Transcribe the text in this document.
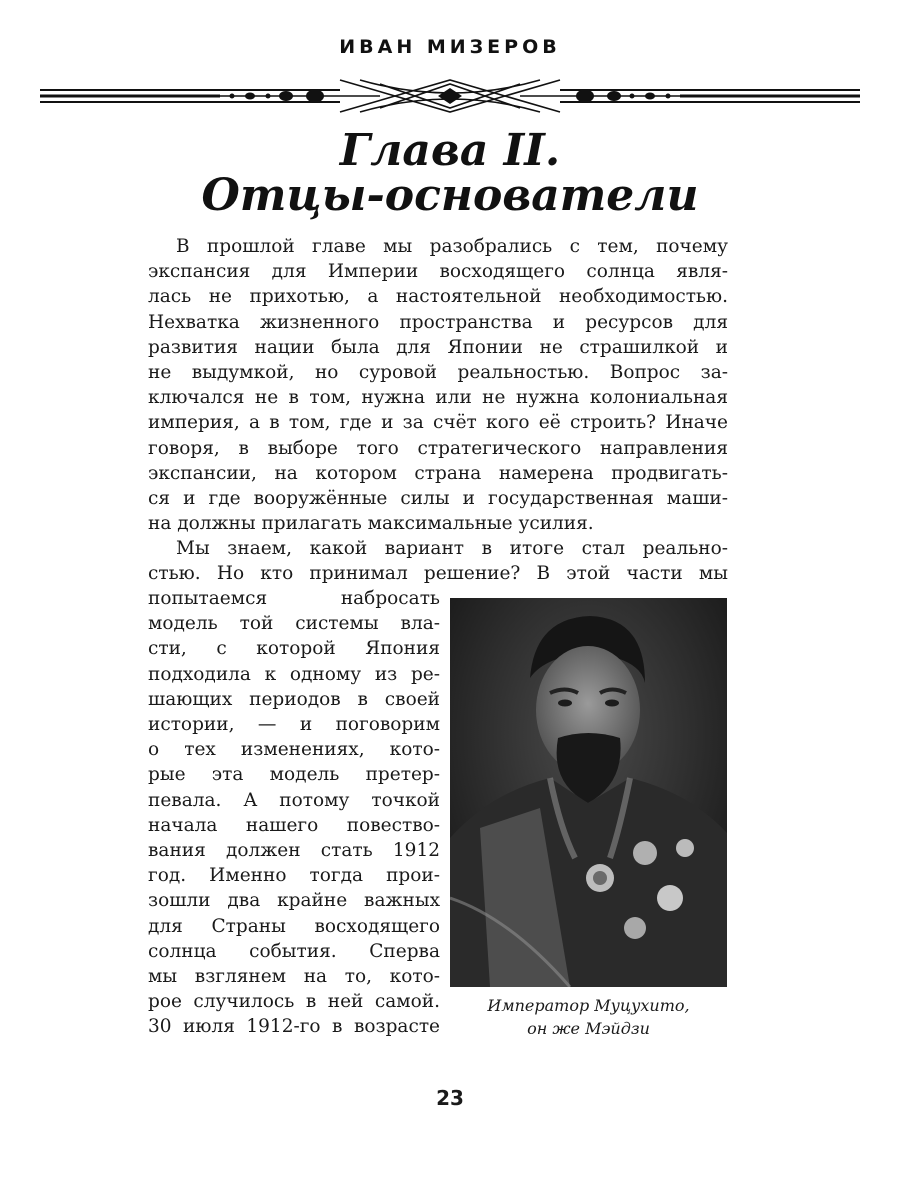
ИВАН МИЗЕРОВ
Глава II.
Отцы-основатели
В прошлой главе мы разобрались с тем, почему
экспансия для Империи восходящего солнца явля-
лась не прихотью, а настоятельной необходимостью.
Нехватка жизненного пространства и ресурсов для
развития нации была для Японии не страшилкой и
не выдумкой, но суровой реальностью. Вопрос за-
ключался не в том, нужна или не нужна колониальная
империя, а в том, где и за счёт кого её строить? Иначе
говоря, в выборе того стратегического направления
экспансии, на котором страна намерена продвигать-
ся и где вооружённые силы и государственная маши-
на должны прилагать максимальные усилия.
Мы знаем, какой вариант в итоге стал реально-
стью. Но кто принимал решение? В этой части мы
попытаемся набросать
модель той системы вла-
сти, с которой Япония
подходила к одному из ре-
шающих периодов в своей
истории, — и поговорим
о тех изменениях, кото-
рые эта модель претер-
певала. А потому точкой
начала нашего повество-
вания должен стать 1912
год. Именно тогда прои-
зошли два крайне важных
для Страны восходящего
солнца события. Сперва
мы взглянем на то, кото-
рое случилось в ней самой.
30 июля 1912-го в возрасте
Император Муцухито,
он же Мэйдзи
23
